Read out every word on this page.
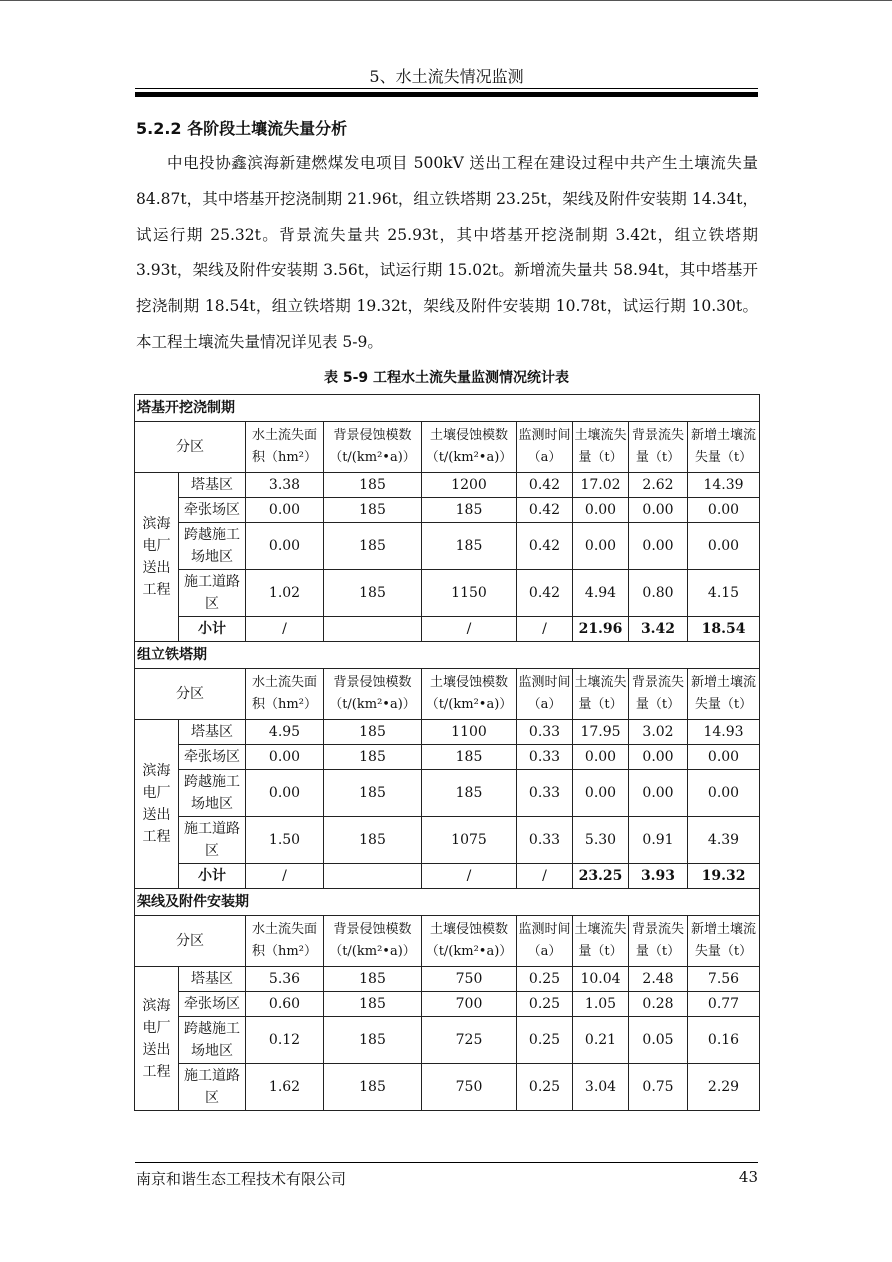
5、水土流失情况监测
5.2.2 各阶段土壤流失量分析
中电投协鑫滨海新建燃煤发电项目 500kV 送出工程在建设过程中共产生土壤流失量 84.87t，其中塔基开挖浇制期 21.96t，组立铁塔期 23.25t，架线及附件安装期 14.34t，试运行期 25.32t。背景流失量共 25.93t，其中塔基开挖浇制期 3.42t，组立铁塔期 3.93t，架线及附件安装期 3.56t，试运行期 15.02t。新增流失量共 58.94t，其中塔基开挖浇制期 18.54t，组立铁塔期 19.32t，架线及附件安装期 10.78t，试运行期 10.30t。本工程土壤流失量情况详见表 5-9。
表 5-9 工程水土流失量监测情况统计表
塔基开挖浇制期								
分区		水土流失面积（hm²）	背景侵蚀模数（t/(km²•a)）	土壤侵蚀模数（t/(km²•a)）	监测时间（a）	土壤流失量（t）	背景流失量（t）	新增土壤流失量（t）
滨海电厂送出工程	塔基区	3.38	185	1200	0.42	17.02	2.62	14.39
	牵张场区	0.00	185	185	0.42	0.00	0.00	0.00
	跨越施工场地区	0.00	185	185	0.42	0.00	0.00	0.00
	施工道路区	1.02	185	1150	0.42	4.94	0.80	4.15
	小计	/		/	/	21.96	3.42	18.54
组立铁塔期								
分区		水土流失面积（hm²）	背景侵蚀模数（t/(km²•a)）	土壤侵蚀模数（t/(km²•a)）	监测时间（a）	土壤流失量（t）	背景流失量（t）	新增土壤流失量（t）
滨海电厂送出工程	塔基区	4.95	185	1100	0.33	17.95	3.02	14.93
	牵张场区	0.00	185	185	0.33	0.00	0.00	0.00
	跨越施工场地区	0.00	185	185	0.33	0.00	0.00	0.00
	施工道路区	1.50	185	1075	0.33	5.30	0.91	4.39
	小计	/		/	/	23.25	3.93	19.32
架线及附件安装期								
分区		水土流失面积（hm²）	背景侵蚀模数（t/(km²•a)）	土壤侵蚀模数（t/(km²•a)）	监测时间（a）	土壤流失量（t）	背景流失量（t）	新增土壤流失量（t）
滨海电厂送出工程	塔基区	5.36	185	750	0.25	10.04	2.48	7.56
	牵张场区	0.60	185	700	0.25	1.05	0.28	0.77
	跨越施工场地区	0.12	185	725	0.25	0.21	0.05	0.16
	施工道路区	1.62	185	750	0.25	3.04	0.75	2.29
南京和谐生态工程技术有限公司	43
